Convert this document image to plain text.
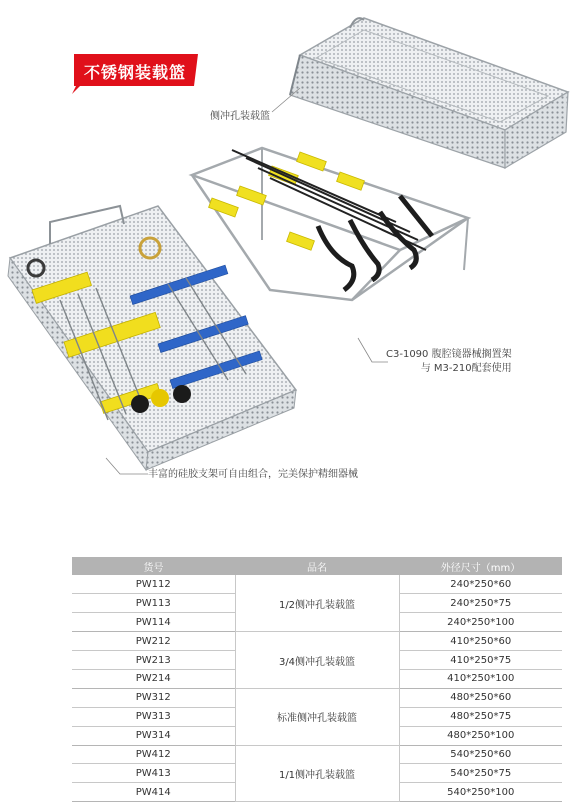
不锈钢装载篮
侧冲孔装载篮
C3-1090 腹腔镜器械搁置架
与 M3-210配套使用
丰富的硅胶支架可自由组合，完美保护精细器械
货号	品名	外径尺寸（mm）
PW112	1/2侧冲孔装载篮	240*250*60
PW113		240*250*75
PW114		240*250*100
PW212	3/4侧冲孔装载篮	410*250*60
PW213		410*250*75
PW214		410*250*100
PW312	标准侧冲孔装载篮	480*250*60
PW313		480*250*75
PW314		480*250*100
PW412	1/1侧冲孔装载篮	540*250*60
PW413		540*250*75
PW414		540*250*100
